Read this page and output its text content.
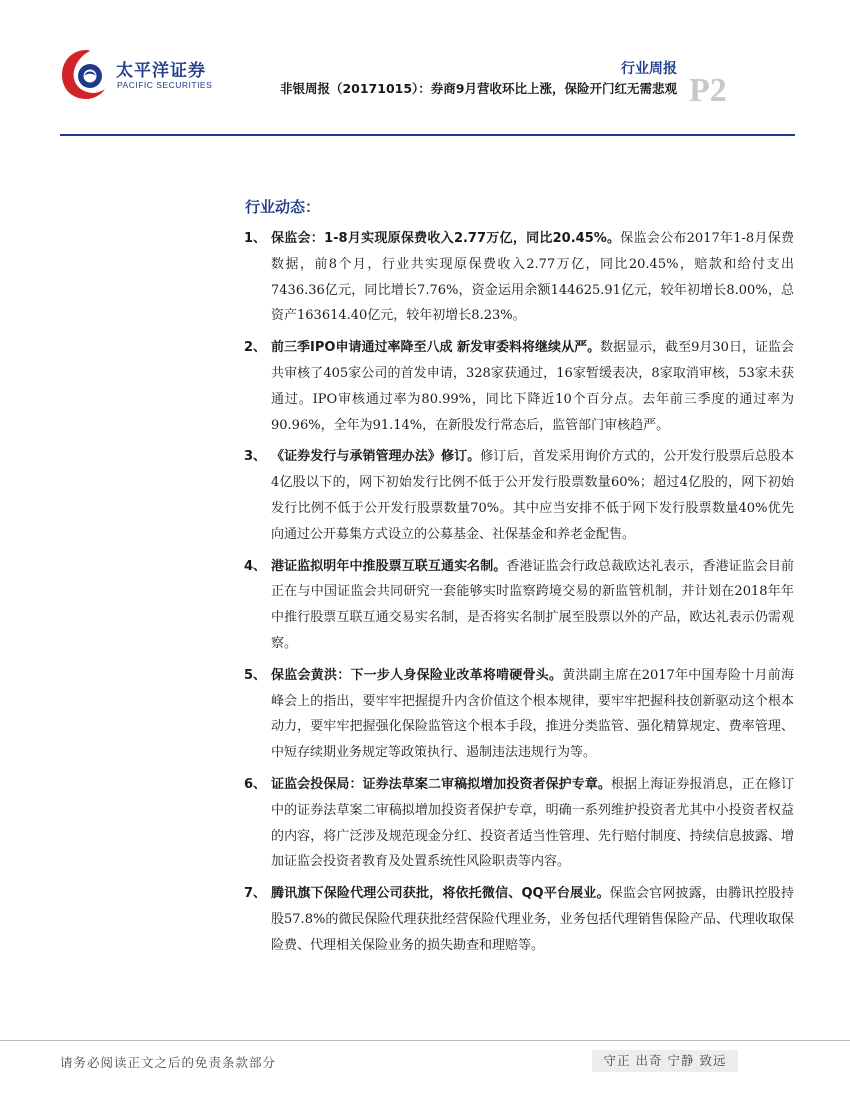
太平洋证券
PACIFIC SECURITIES
行业周报
非银周报（20171015）：券商9月营收环比上涨，保险开门红无需悲观 P2
行业动态：
1、 保监会：1-8月实现原保费收入2.77万亿，同比20.45%。保监会公布2017年1-8月保费数据，前8个月，行业共实现原保费收入2.77万亿，同比20.45%，赔款和给付支出7436.36亿元，同比增长7.76%，资金运用余额144625.91亿元，较年初增长8.00%，总资产163614.40亿元，较年初增长8.23%。
2、 前三季IPO申请通过率降至八成 新发审委料将继续从严。数据显示，截至9月30日，证监会共审核了405家公司的首发申请，328家获通过，16家暂缓表决，8家取消审核，53家未获通过。IPO审核通过率为80.99%，同比下降近10个百分点。去年前三季度的通过率为90.96%，全年为91.14%，在新股发行常态后，监管部门审核趋严。
3、 《证券发行与承销管理办法》修订。修订后，首发采用询价方式的，公开发行股票后总股本4亿股以下的，网下初始发行比例不低于公开发行股票数量60%；超过4亿股的，网下初始发行比例不低于公开发行股票数量70%。其中应当安排不低于网下发行股票数量40%优先向通过公开募集方式设立的公募基金、社保基金和养老金配售。
4、 港证监拟明年中推股票互联互通实名制。香港证监会行政总裁欧达礼表示，香港证监会目前正在与中国证监会共同研究一套能够实时监察跨境交易的新监管机制，并计划在2018年年中推行股票互联互通交易实名制，是否将实名制扩展至股票以外的产品，欧达礼表示仍需观察。
5、 保监会黄洪：下一步人身保险业改革将啃硬骨头。黄洪副主席在2017年中国寿险十月前海峰会上的指出，要牢牢把握提升内含价值这个根本规律，要牢牢把握科技创新驱动这个根本动力，要牢牢把握强化保险监管这个根本手段，推进分类监管、强化精算规定、费率管理、中短存续期业务规定等政策执行、遏制违法违规行为等。
6、 证监会投保局：证券法草案二审稿拟增加投资者保护专章。根据上海证券报消息，正在修订中的证券法草案二审稿拟增加投资者保护专章，明确一系列维护投资者尤其中小投资者权益的内容，将广泛涉及规范现金分红、投资者适当性管理、先行赔付制度、持续信息披露、增加证监会投资者教育及处置系统性风险职责等内容。
7、 腾讯旗下保险代理公司获批，将依托微信、QQ平台展业。保监会官网披露，由腾讯控股持股57.8%的微民保险代理获批经营保险代理业务，业务包括代理销售保险产品、代理收取保险费、代理相关保险业务的损失勘查和理赔等。
请务必阅读正文之后的免责条款部分	守正 出奇 宁静 致远
